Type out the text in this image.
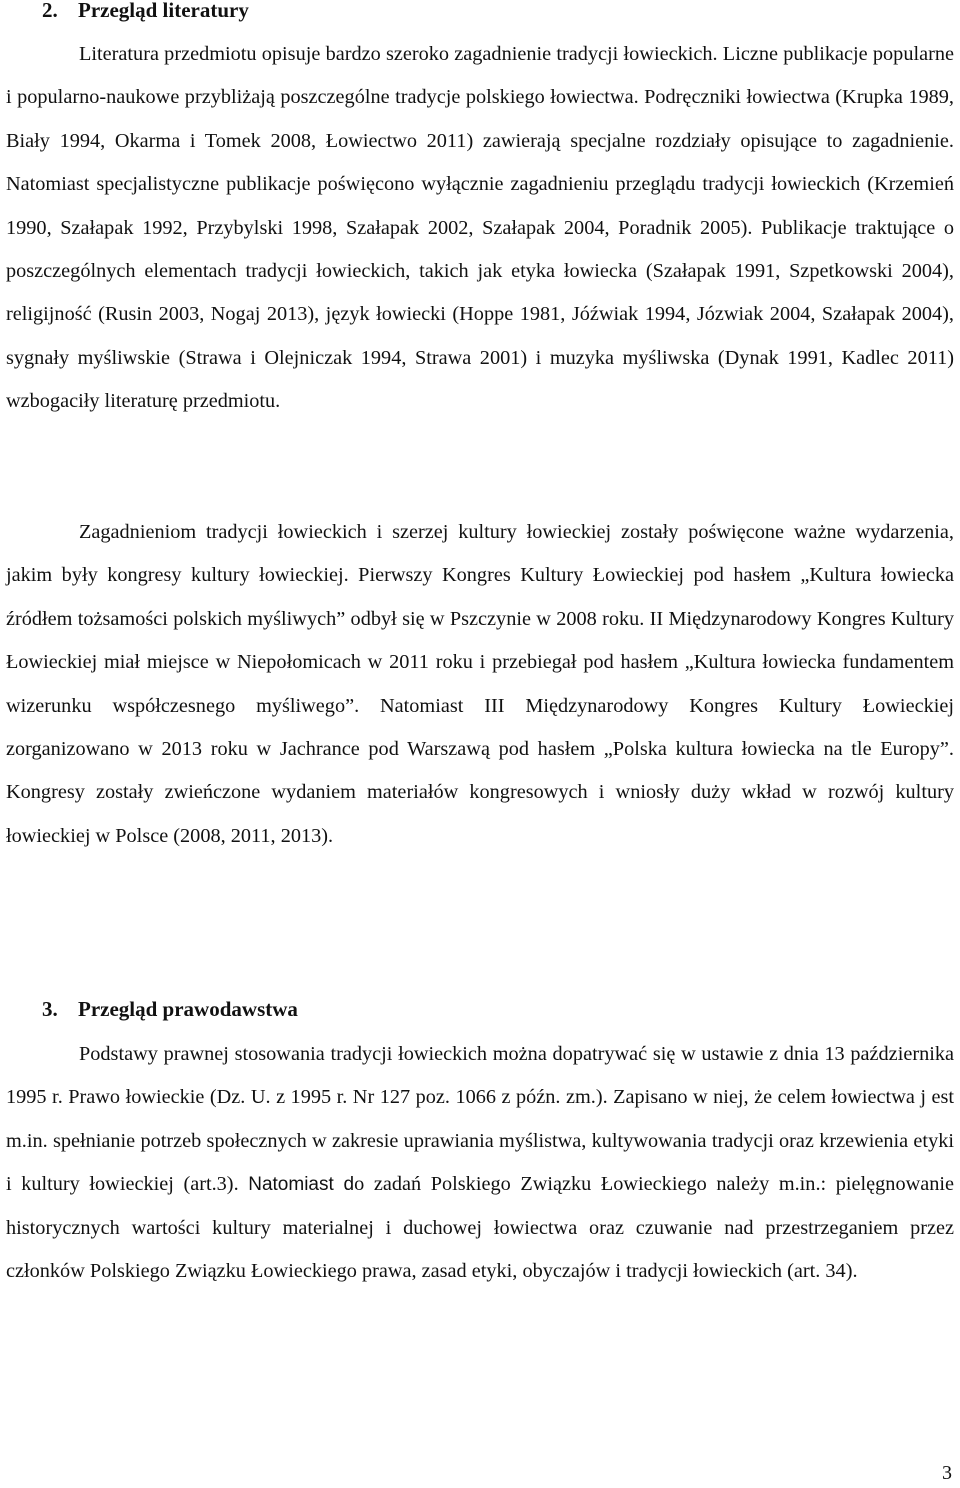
2. Przegląd literatury

Literatura przedmiotu opisuje bardzo szeroko zagadnienie tradycji łowieckich. Liczne publikacje popularne i popularno-naukowe przybliżają poszczególne tradycje polskiego łowiectwa. Podręczniki łowiectwa (Krupka 1989, Biały 1994, Okarma i Tomek 2008, Łowiectwo 2011) zawierają specjalne rozdziały opisujące to zagadnienie. Natomiast specjalistyczne publikacje poświęcono wyłącznie zagadnieniu przeglądu tradycji łowieckich (Krzemień 1990, Szałapak 1992, Przybylski 1998, Szałapak 2002, Szałapak 2004, Poradnik 2005). Publikacje traktujące o poszczególnych elementach tradycji łowieckich, takich jak etyka łowiecka (Szałapak 1991, Szpetkowski 2004), religijność (Rusin 2003, Nogaj 2013), język łowiecki (Hoppe 1981, Jóźwiak 1994, Józwiak 2004, Szałapak 2004), sygnały myśliwskie (Strawa i Olejniczak 1994, Strawa 2001) i muzyka myśliwska (Dynak 1991, Kadlec 2011) wzbogaciły literaturę przedmiotu.

Zagadnieniom tradycji łowieckich i szerzej kultury łowieckiej zostały poświęcone ważne wydarzenia, jakim były kongresy kultury łowieckiej. Pierwszy Kongres Kultury Łowieckiej pod hasłem „Kultura łowiecka źródłem tożsamości polskich myśliwych” odbył się w Pszczynie w 2008 roku. II Międzynarodowy Kongres Kultury Łowieckiej miał miejsce w Niepołomicach w 2011 roku i przebiegał pod hasłem „Kultura łowiecka fundamentem wizerunku współczesnego myśliwego”. Natomiast III Międzynarodowy Kongres Kultury Łowieckiej zorganizowano w 2013 roku w Jachrance pod Warszawą pod hasłem „Polska kultura łowiecka na tle Europy”. Kongresy zostały zwieńczone wydaniem materiałów kongresowych i wniosły duży wkład w rozwój kultury łowieckiej w Polsce (2008, 2011, 2013).

3. Przegląd prawodawstwa

Podstawy prawnej stosowania tradycji łowieckich można dopatrywać się w ustawie z dnia 13 października 1995 r. Prawo łowieckie (Dz. U. z 1995 r. Nr 127 poz. 1066 z późn. zm.). Zapisano w niej, że celem łowiectwa j est m.in. spełnianie potrzeb społecznych w zakresie uprawiania myślistwa, kultywowania tradycji oraz krzewienia etyki i kultury łowieckiej (art.3). Natomiast do zadań Polskiego Związku Łowieckiego należy m.in.: pielęgnowanie historycznych wartości kultury materialnej i duchowej łowiectwa oraz czuwanie nad przestrzeganiem przez członków Polskiego Związku Łowieckiego prawa, zasad etyki, obyczajów i tradycji łowieckich (art. 34).

3
